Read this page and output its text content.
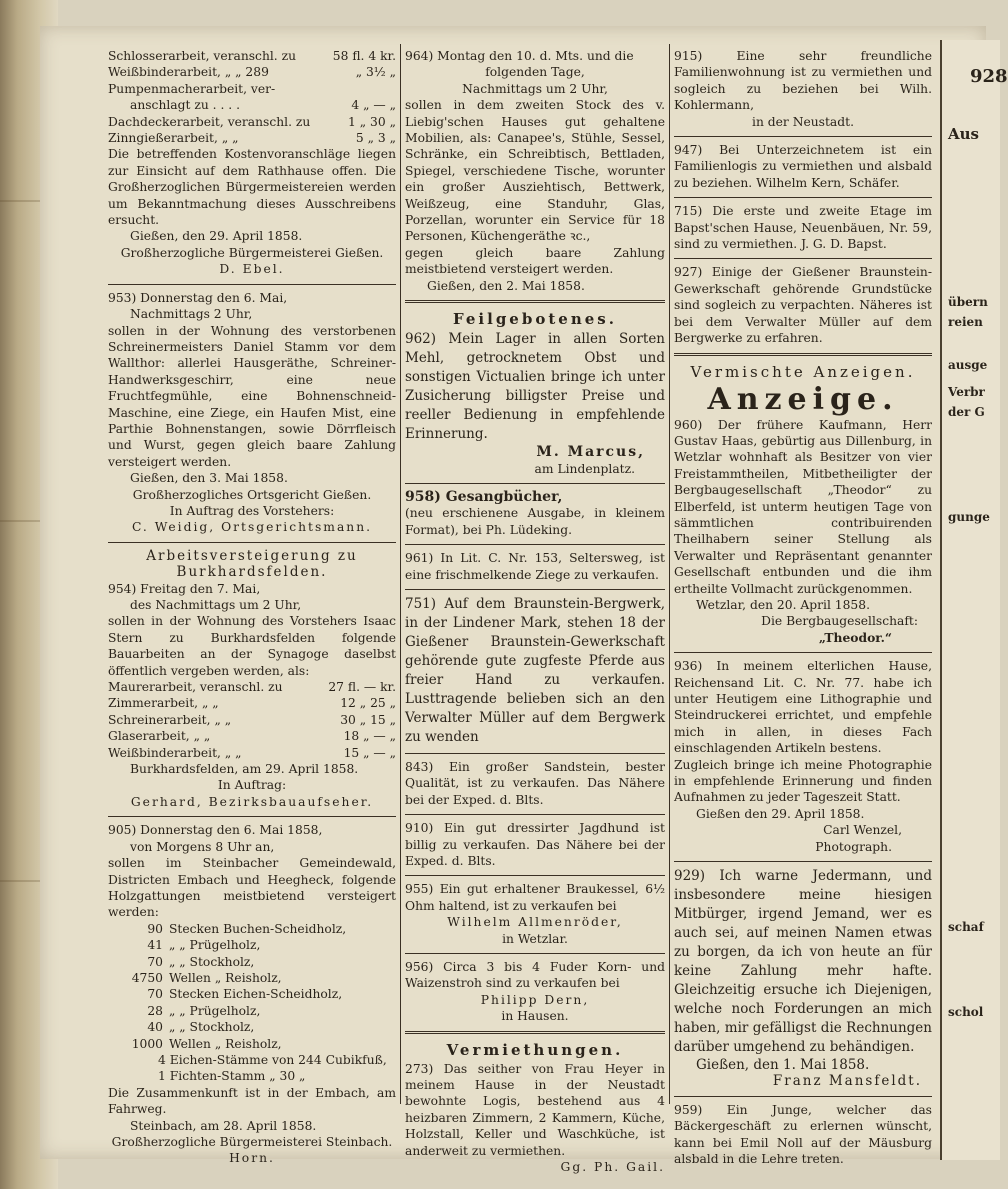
Aus
übern
reien
ausge
Verbr
der G
gunge
schaf
schol
928
Schlosserarbeit, veranschl. zu	58 fl. 4 kr.
Weißbinderarbeit, „ „ 289	„ 3½ „
Pumpenmacherarbeit, ver-
anschlagt zu . . . .	4 „ — „
Dachdeckerarbeit, veranschl. zu	1 „ 30 „
Zinngießerarbeit, „ „	5 „ 3 „

Die betreffenden Kostenvoranschläge liegen zur Einsicht auf dem Rathhause offen. Die Großherzoglichen Bürgermeistereien werden um Bekanntmachung dieses Ausschreibens ersucht.

Gießen, den 29. April 1858.

Großherzogliche Bürgermeisterei Gießen.

D. Ebel.

953) Donnerstag den 6. Mai,

Nachmittags 2 Uhr,

sollen in der Wohnung des verstorbenen Schreinermeisters Daniel Stamm vor dem Wallthor: allerlei Hausgeräthe, Schreiner-Handwerksgeschirr, eine neue Fruchtfegmühle, eine Bohnenschneid-Maschine, eine Ziege, ein Haufen Mist, eine Parthie Bohnenstangen, sowie Dörrfleisch und Wurst, gegen gleich baare Zahlung versteigert werden.

Gießen, den 3. Mai 1858.

Großherzogliches Ortsgericht Gießen.

In Auftrag des Vorstehers:

C. Weidig, Ortsgerichtsmann.

Arbeitsversteigerung zu Burkhardsfelden.

954) Freitag den 7. Mai,

des Nachmittags um 2 Uhr,

sollen in der Wohnung des Vorstehers Isaac Stern zu Burkhardsfelden folgende Bauarbeiten an der Synagoge daselbst öffentlich vergeben werden, als:

Maurerarbeit, veranschl. zu	27 fl. — kr.
Zimmerarbeit, „ „	12 „ 25 „
Schreinerarbeit, „ „	30 „ 15 „
Glaserarbeit, „ „	18 „ — „
Weißbinderarbeit, „ „	15 „ — „

Burkhardsfelden, am 29. April 1858.

In Auftrag:

Gerhard, Bezirksbauaufseher.

905) Donnerstag den 6. Mai 1858,

von Morgens 8 Uhr an,

sollen im Steinbacher Gemeindewald, Districten Embach und Heegheck, folgende Holzgattungen meistbietend versteigert werden:

90 Stecken Buchen-Scheidholz,
41 „ „ Prügelholz,
70 „ „ Stockholz,
4750 Wellen „ Reisholz,
70 Stecken Eichen-Scheidholz,
28 „ „ Prügelholz,
40 „ „ Stockholz,
1000 Wellen „ Reisholz,

4 Eichen-Stämme von 244 Cubikfuß, 1 Fichten-Stamm „ 30 „

Die Zusammenkunft ist in der Embach, am Fahrweg.

Steinbach, am 28. April 1858.

Großherzogliche Bürgermeisterei Steinbach.

Horn.

964) Montag den 10. d. Mts. und die

folgenden Tage,

Nachmittags um 2 Uhr,

sollen in dem zweiten Stock des v. Liebig'schen Hauses gut gehaltene Mobilien, als: Canapee's, Stühle, Sessel, Schränke, ein Schreibtisch, Bettladen, Spiegel, verschiedene Tische, worunter ein großer Ausziehtisch, Bettwerk, Weißzeug, eine Standuhr, Glas, Porzellan, worunter ein Service für 18 Personen, Küchengeräthe ꝛc.,

gegen gleich baare Zahlung meistbietend versteigert werden.

Gießen, den 2. Mai 1858.

Feilgebotenes.

962) Mein Lager in allen Sorten Mehl, getrocknetem Obst und sonstigen Victualien bringe ich unter Zusicherung billigster Preise und reeller Bedienung in empfehlende Erinnerung.

M. Marcus,

am Lindenplatz.

958) Gesangbücher,

(neu erschienene Ausgabe, in kleinem Format), bei Ph. Lüdeking.

961) In Lit. C. Nr. 153, Seltersweg, ist eine frischmelkende Ziege zu verkaufen.

751) Auf dem Braunstein-Bergwerk, in der Lindener Mark, stehen 18 der Gießener Braunstein-Gewerkschaft gehörende gute zugfeste Pferde aus freier Hand zu verkaufen. Lusttragende belieben sich an den Verwalter Müller auf dem Bergwerk zu wenden

843) Ein großer Sandstein, bester Qualität, ist zu verkaufen. Das Nähere bei der Exped. d. Blts.

910) Ein gut dressirter Jagdhund ist billig zu verkaufen. Das Nähere bei der Exped. d. Blts.

955) Ein gut erhaltener Braukessel, 6½ Ohm haltend, ist zu verkaufen bei

Wilhelm Allmenröder,

in Wetzlar.

956) Circa 3 bis 4 Fuder Korn- und Waizenstroh sind zu verkaufen bei

Philipp Dern,

in Hausen.

Vermiethungen.

273) Das seither von Frau Heyer in meinem Hause in der Neustadt bewohnte Logis, bestehend aus 4 heizbaren Zimmern, 2 Kammern, Küche, Holzstall, Keller und Waschküche, ist anderweit zu vermiethen.

Gg. Ph. Gail.

915) Eine sehr freundliche Familienwohnung ist zu vermiethen und sogleich zu beziehen bei Wilh. Kohlermann,

in der Neustadt.

947) Bei Unterzeichnetem ist ein Familienlogis zu vermiethen und alsbald zu beziehen. Wilhelm Kern, Schäfer.

715) Die erste und zweite Etage im Bapst'schen Hause, Neuenbäuen, Nr. 59, sind zu vermiethen. J. G. D. Bapst.

927) Einige der Gießener Braunstein-Gewerkschaft gehörende Grundstücke sind sogleich zu verpachten. Näheres ist bei dem Verwalter Müller auf dem Bergwerke zu erfahren.

Vermischte Anzeigen.

Anzeige.

960) Der frühere Kaufmann, Herr Gustav Haas, gebürtig aus Dillenburg, in Wetzlar wohnhaft als Besitzer von vier Freistammtheilen, Mitbetheiligter der Bergbaugesellschaft „Theodor“ zu Elberfeld, ist unterm heutigen Tage von sämmtlichen contribuirenden Theilhabern seiner Stellung als Verwalter und Repräsentant genannter Gesellschaft entbunden und die ihm ertheilte Vollmacht zurückgenommen.

Wetzlar, den 20. April 1858.

Die Bergbaugesellschaft:

„Theodor.“

936) In meinem elterlichen Hause, Reichensand Lit. C. Nr. 77. habe ich unter Heutigem eine Lithographie und Steindruckerei errichtet, und empfehle mich in allen, in dieses Fach einschlagenden Artikeln bestens.

Zugleich bringe ich meine Photographie in empfehlende Erinnerung und finden Aufnahmen zu jeder Tageszeit Statt.

Gießen den 29. April 1858.

Carl Wenzel,

Photograph.

929) Ich warne Jedermann, und insbesondere meine hiesigen Mitbürger, irgend Jemand, wer es auch sei, auf meinen Namen etwas zu borgen, da ich von heute an für keine Zahlung mehr hafte. Gleichzeitig ersuche ich Diejenigen, welche noch Forderungen an mich haben, mir gefälligst die Rechnungen darüber umgehend zu behändigen.

Gießen, den 1. Mai 1858.

Franz Mansfeldt.

959) Ein Junge, welcher das Bäckergeschäft zu erlernen wünscht, kann bei Emil Noll auf der Mäusburg alsbald in die Lehre treten.
